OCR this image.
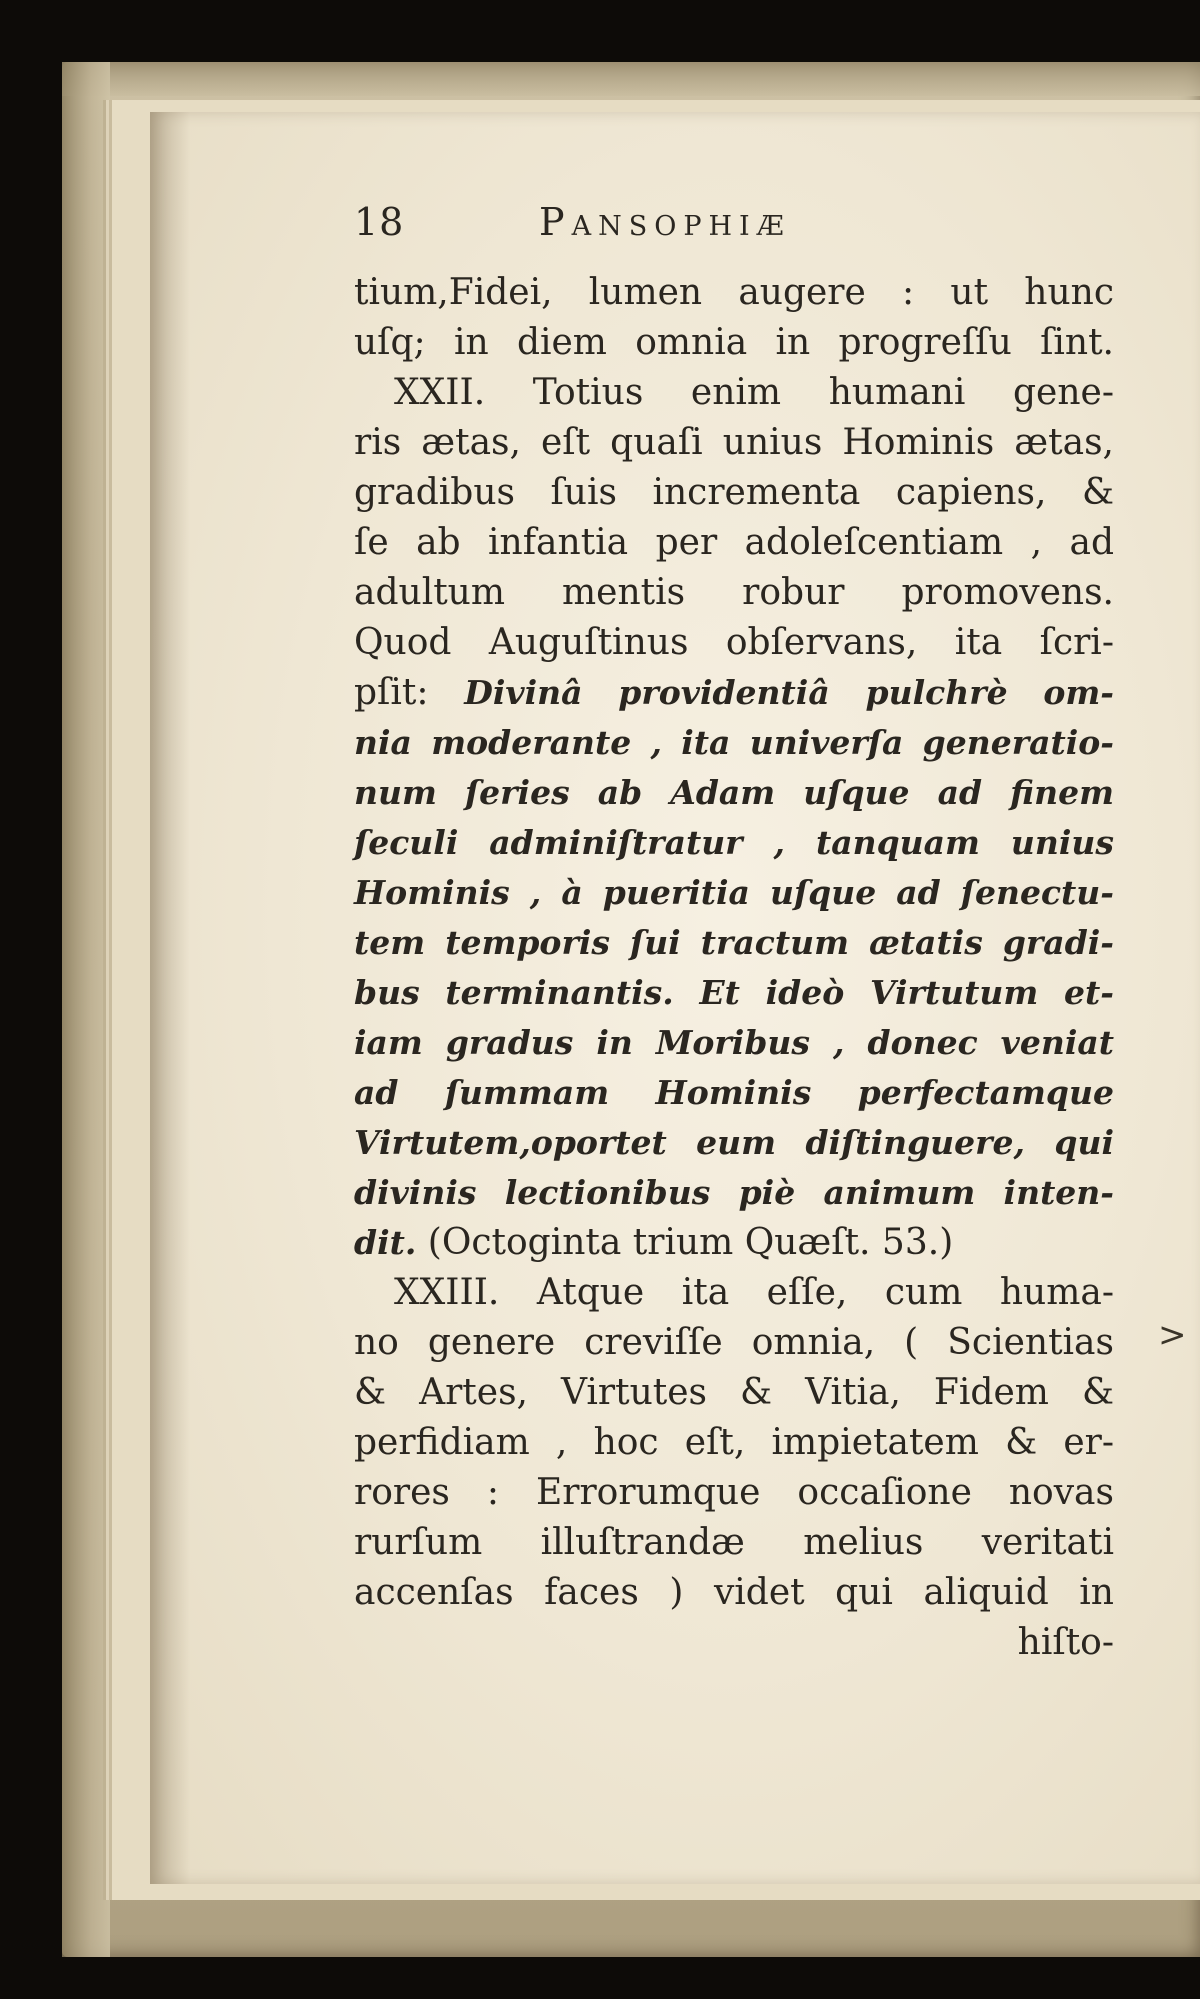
>
18	Pansophiæ
tium,Fidei, lumen augere : ut hunc
uſq; in diem omnia in progreſſu ſint.
XXII. Totius enim humani gene-
ris ætas, eſt quaſi unius Hominis ætas,
gradibus ſuis incrementa capiens, &
ſe ab infantia per adoleſcentiam , ad
adultum mentis robur promovens.
Quod Auguſtinus obſervans, ita ſcri-
pſit: Divinâ providentiâ pulchrè om-
nia moderante , ita univerſa generatio-
num ſeries ab Adam uſque ad finem
ſeculi adminiſtratur , tanquam unius
Hominis , à pueritia uſque ad ſenectu-
tem temporis ſui tractum ætatis gradi-
bus terminantis. Et ideò Virtutum et-
iam gradus in Moribus , donec veniat
ad ſummam Hominis perfectamque
Virtutem,oportet eum diſtinguere, qui
divinis lectionibus piè animum inten-
dit. (Octoginta trium Quæſt. 53.)
XXIII. Atque ita eſſe, cum huma-
no genere creviſſe omnia, ( Scientias
& Artes, Virtutes & Vitia, Fidem &
perfidiam , hoc eſt, impietatem & er-
rores : Errorumque occaſione novas
rurſum illuſtrandæ melius veritati
accenſas faces ) videt qui aliquid in
hiſto-
